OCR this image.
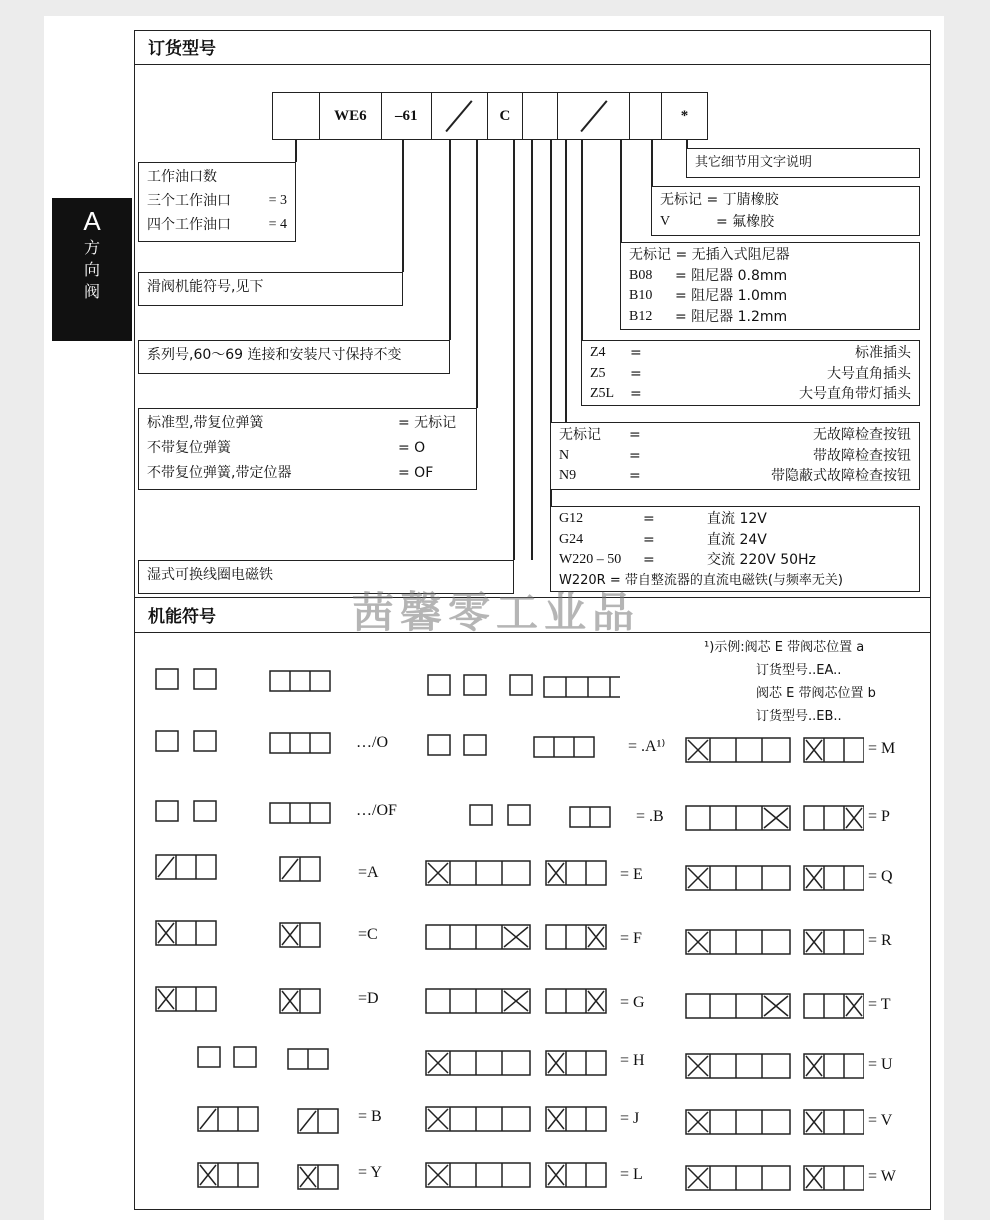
订货型号
机能符号
A
方
向
阀
WE6	–61	C	*
工作油口数
三个工作油口	= 3
四个工作油口	= 4
滑阀机能符号,见下
系列号,60～69 连接和安装尺寸保持不变
标准型,带复位弹簧	= 无标记
不带复位弹簧	= O
不带复位弹簧,带定位器	= OF
湿式可换线圈电磁铁
其它细节用文字说明
无标记 = 丁腈橡胶
V	= 氟橡胶
无标记 = 无插入式阻尼器
B08	= 阻尼器 0.8mm
B10	= 阻尼器 1.0mm
B12	= 阻尼器 1.2mm
Z4	=	标准插头
Z5	=	大号直角插头
Z5L	=	大号直角带灯插头
无标记	=	无故障检查按钮
N	=	带故障检查按钮
N9	=	带隐蔽式故障检查按钮
G12	=	直流 12V
G24	=	直流 24V
W220 – 50	=	交流 220V 50Hz
W220R = 带自整流器的直流电磁铁(与频率无关)
茜馨零工业品
¹)示例:阀芯 E 带阀芯位置 a
订货型号..EA..
阀芯 E 带阀芯位置 b
订货型号..EB..
…/O
…/OF
= .A¹⁾
= .B
=A
=C
=D
= B
= Y
= E
= F
= G
= H
= J
= L
= M
= P
= Q
= R
= T
= U
= V
= W
